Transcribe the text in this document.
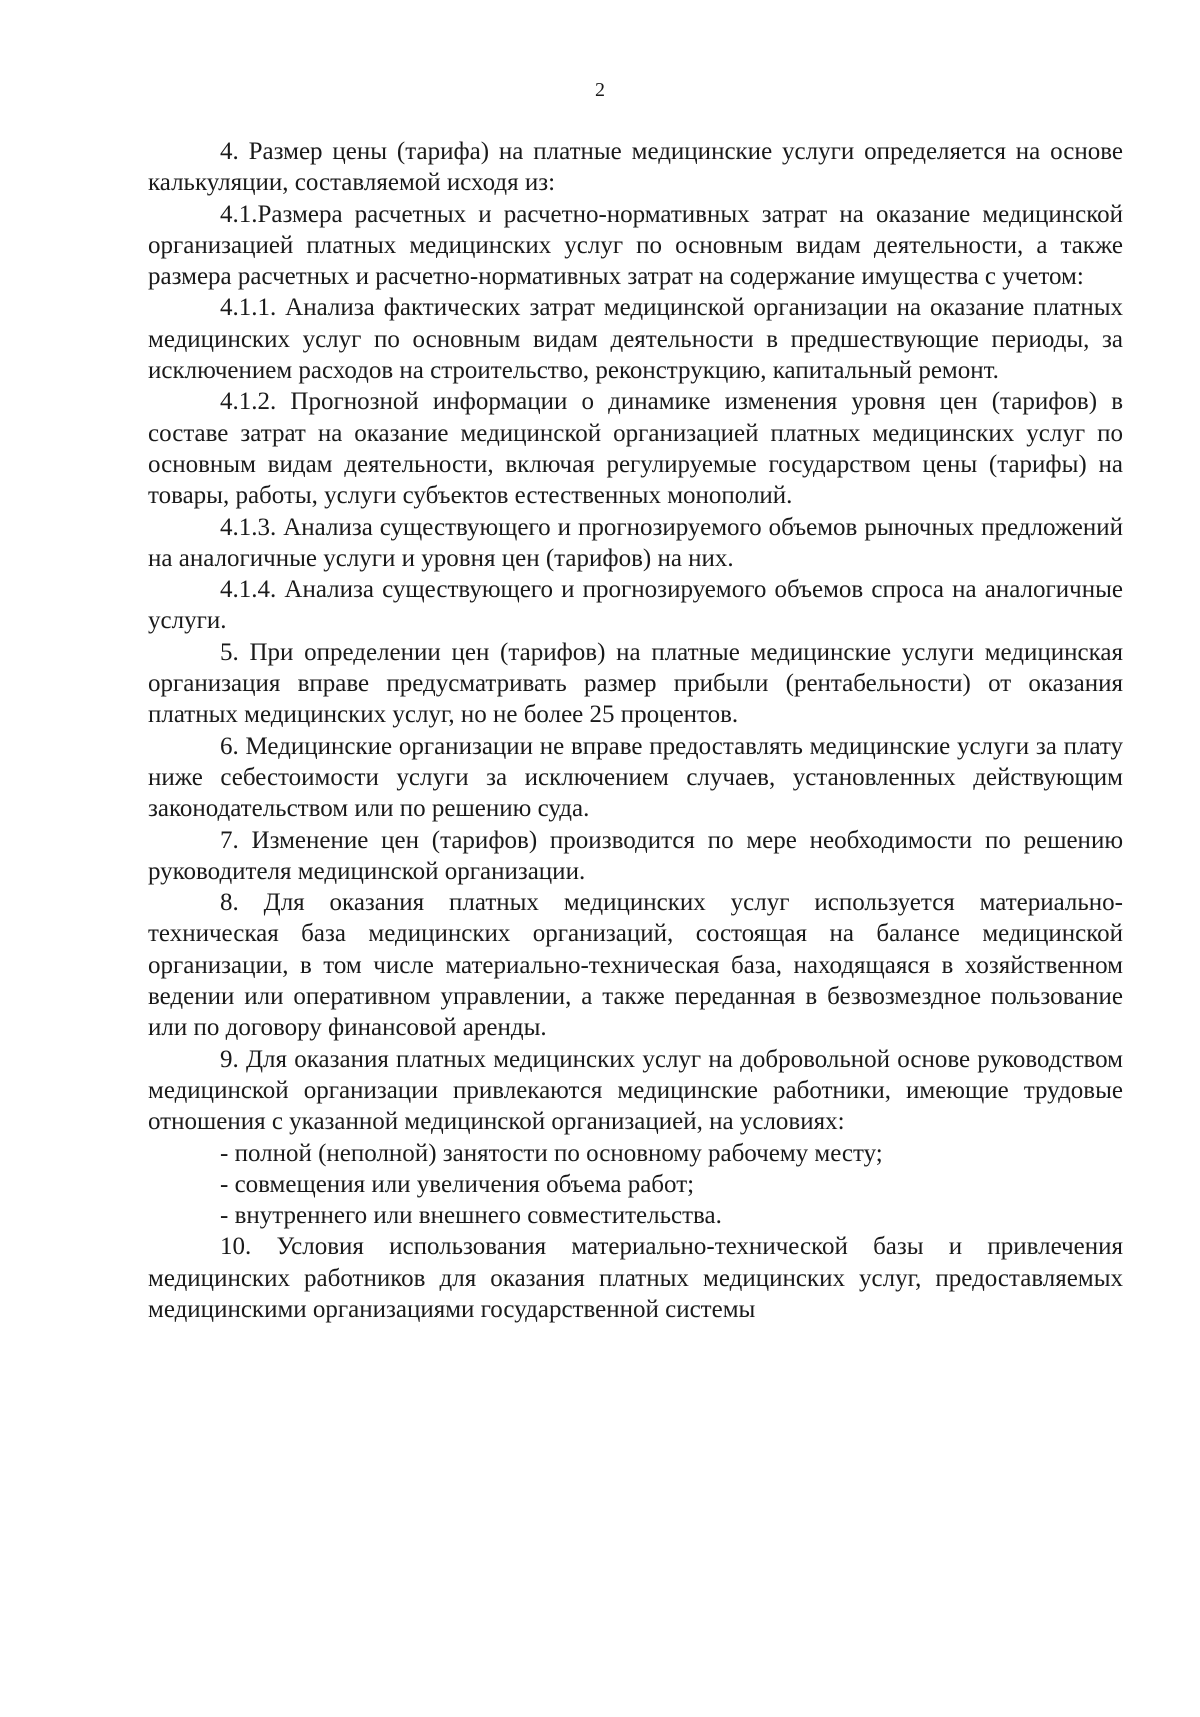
2

4. Размер цены (тарифа) на платные медицинские услуги определяется на основе калькуляции, составляемой исходя из:

4.1.Размера расчетных и расчетно-нормативных затрат на оказание медицинской организацией платных медицинских услуг по основным видам деятельности, а также размера расчетных и расчетно-нормативных затрат на содержание имущества с учетом:

4.1.1. Анализа фактических затрат медицинской организации на оказание платных медицинских услуг по основным видам деятельности в предшествующие периоды, за исключением расходов на строительство, реконструкцию, капитальный ремонт.

4.1.2. Прогнозной информации о динамике изменения уровня цен (тарифов) в составе затрат на оказание медицинской организацией платных медицинских услуг по основным видам деятельности, включая регулируемые государством цены (тарифы) на товары, работы, услуги субъектов естественных монополий.

4.1.3. Анализа существующего и прогнозируемого объемов рыночных предложений на аналогичные услуги и уровня цен (тарифов) на них.

4.1.4. Анализа существующего и прогнозируемого объемов спроса на аналогичные услуги.

5. При определении цен (тарифов) на платные медицинские услуги медицинская организация вправе предусматривать размер прибыли (рентабельности) от оказания платных медицинских услуг, но не более 25 процентов.

6. Медицинские организации не вправе предоставлять медицинские услуги за плату ниже себестоимости услуги за исключением случаев, установленных действующим законодательством или по решению суда.

7. Изменение цен (тарифов) производится по мере необходимости по решению руководителя медицинской организации.

8. Для оказания платных медицинских услуг используется материально-техническая база медицинских организаций, состоящая на балансе медицинской организации, в том числе материально-техническая база, находящаяся в хозяйственном ведении или оперативном управлении, а также переданная в безвозмездное пользование или по договору финансовой аренды.

9. Для оказания платных медицинских услуг на добровольной основе руководством медицинской организации привлекаются медицинские работники, имеющие трудовые отношения с указанной медицинской организацией, на условиях:

- полной (неполной) занятости по основному рабочему месту;

- совмещения или увеличения объема работ;

- внутреннего или внешнего совместительства.

10. Условия использования материально-технической базы и привлечения медицинских работников для оказания платных медицинских услуг, предоставляемых медицинскими организациями государственной системы
